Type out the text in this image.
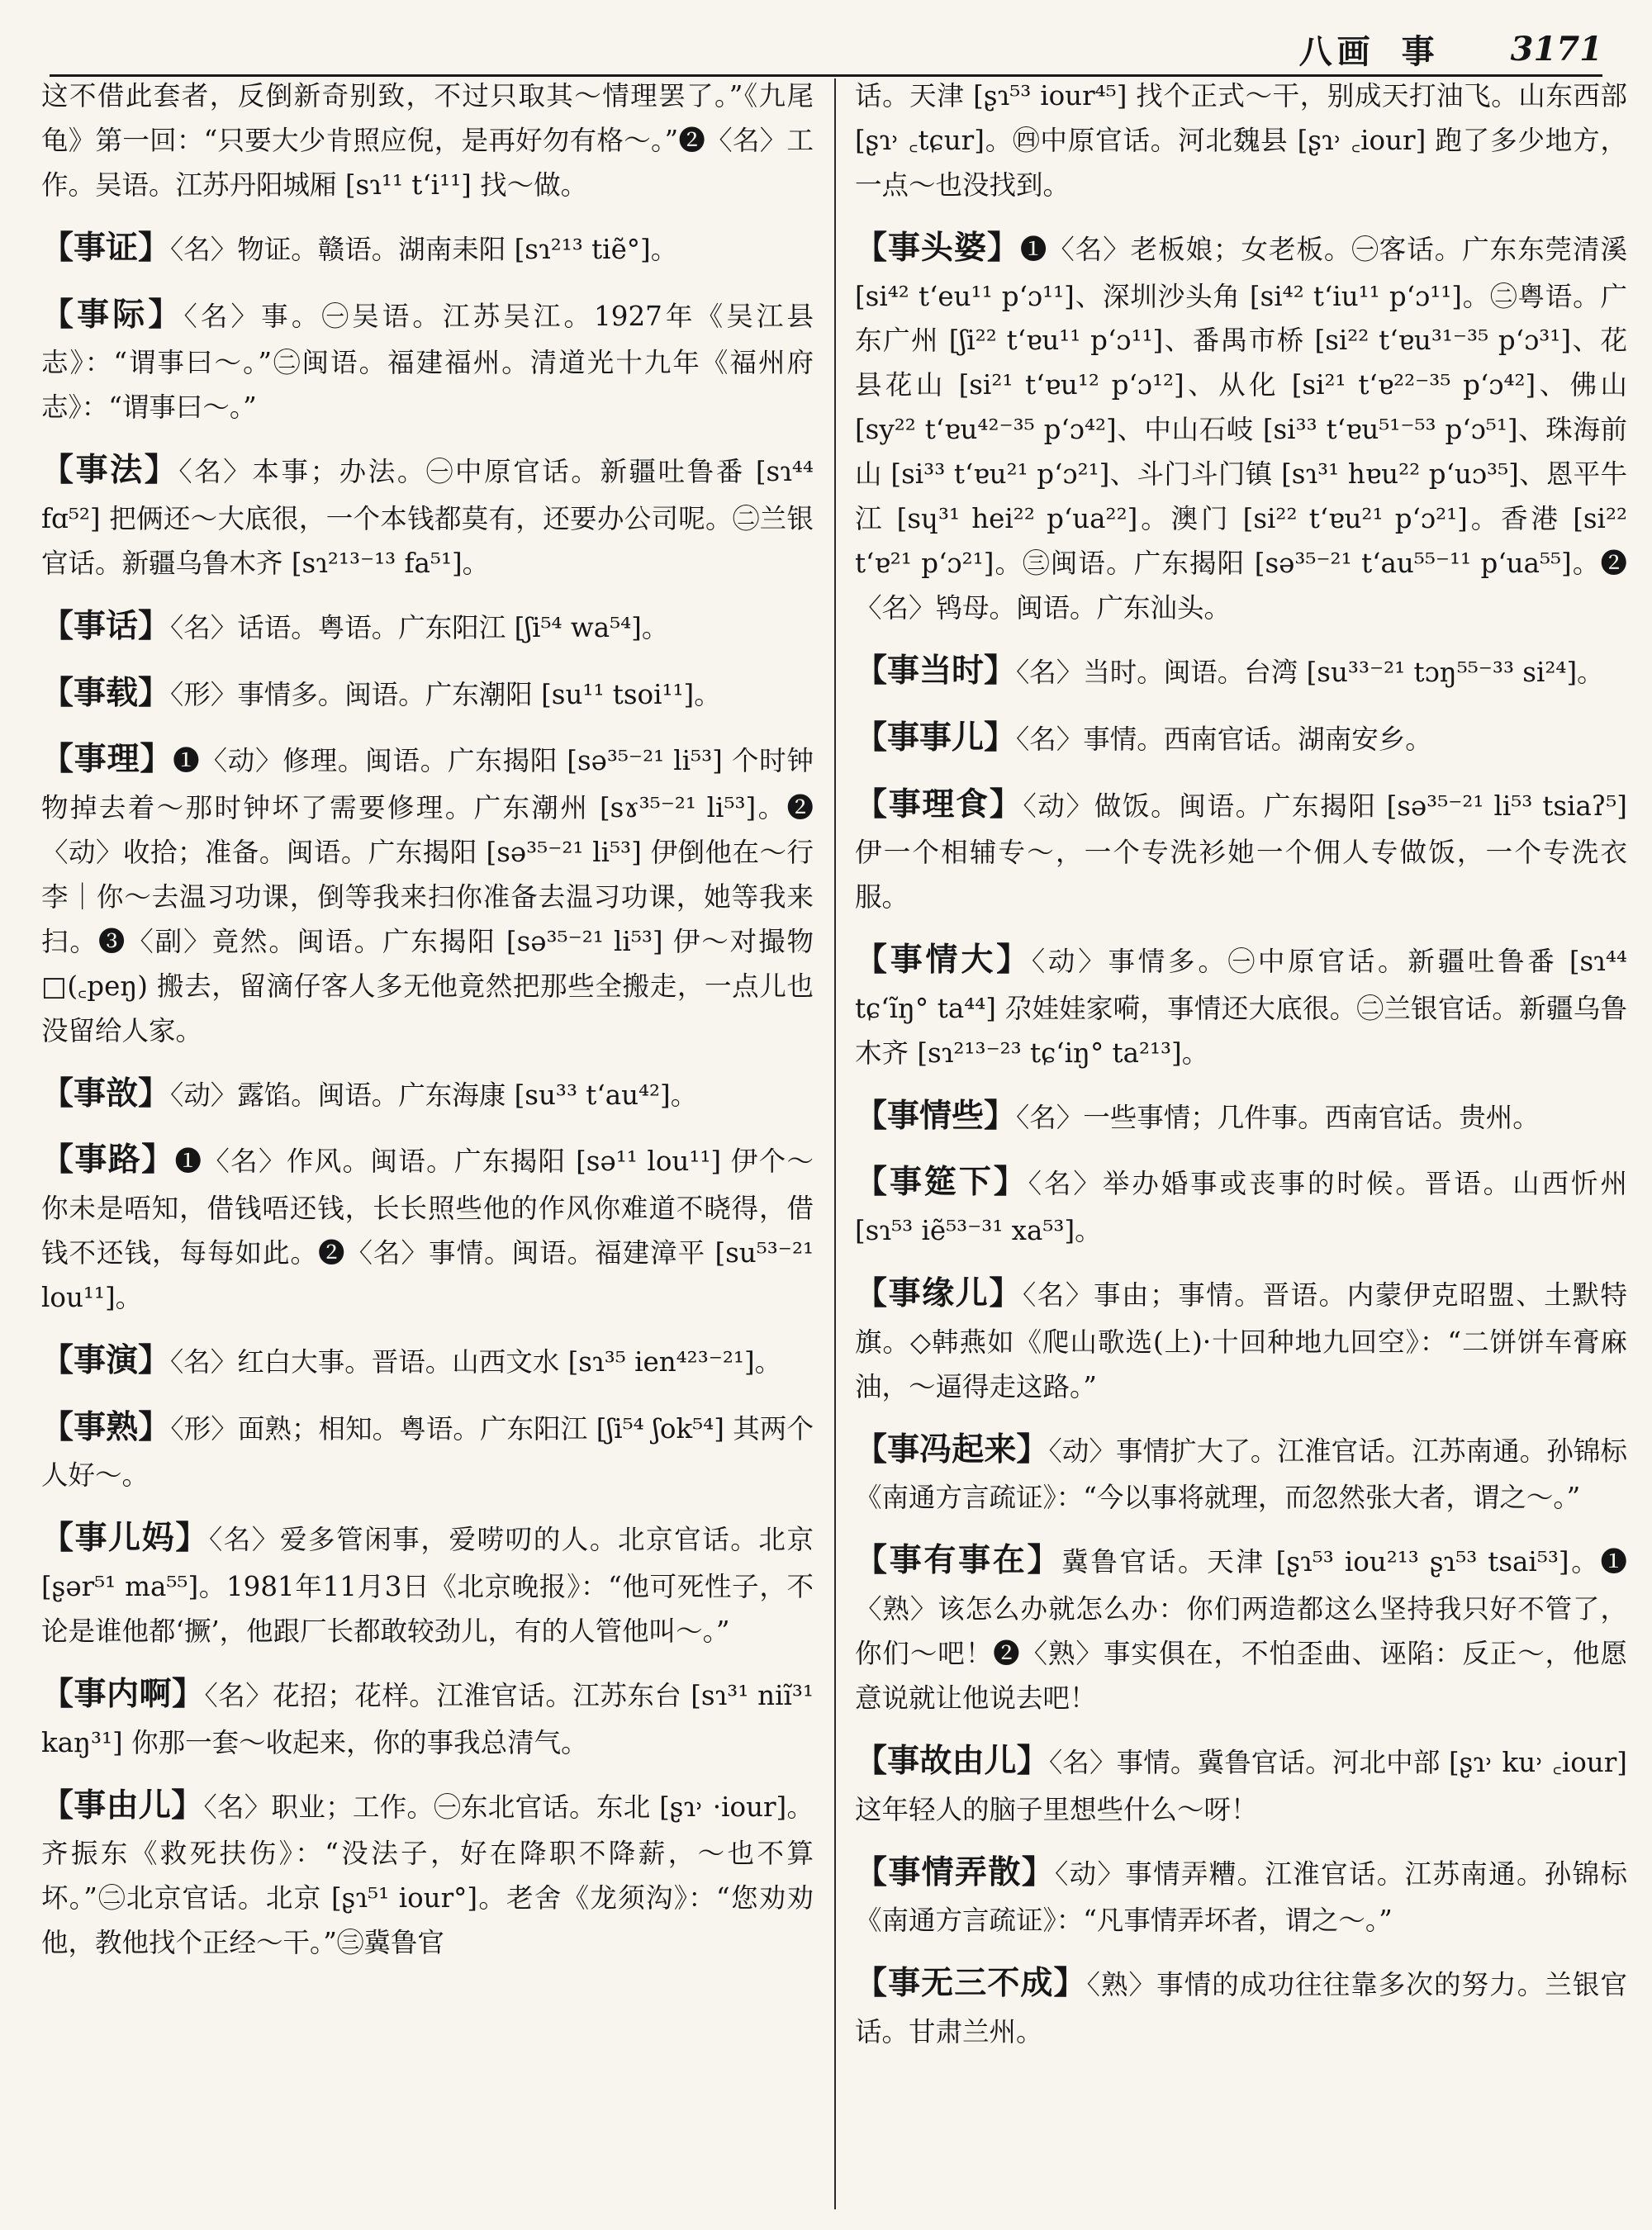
八画 事 3171

这不借此套者，反倒新奇别致，不过只取其～情理罢了。”《九尾龟》第一回：“只要大少肯照应倪，是再好勿有格～。”❷〈名〉工作。吴语。江苏丹阳城厢 [sɿ¹¹ t‘i¹¹] 找～做。

【 事证 】 〈名〉物证。赣语。湖南耒阳 [sɿ²¹³ tiẽ°]。

【 事际 】 〈名〉事。㊀吴语。江苏吴江。1927年《吴江县志》：“谓事曰～。”㊁闽语。福建福州。清道光十九年《福州府志》：“谓事曰～。”

【 事法 】 〈名〉本事；办法。㊀中原官话。新疆吐鲁番 [sɿ⁴⁴ fɑ⁵²] 把俩还～大底很，一个本钱都莫有，还要办公司呢。㊁兰银官话。新疆乌鲁木齐 [sɿ²¹³⁻¹³ fa⁵¹]。

【 事话 】 〈名〉话语。粤语。广东阳江 [ʃi⁵⁴ wa⁵⁴]。

【 事载 】 〈形〉事情多。闽语。广东潮阳 [su¹¹ tsoi¹¹]。

【 事理 】 ❶〈动〉修理。闽语。广东揭阳 [sə³⁵⁻²¹ li⁵³] 个时钟物掉去着～那时钟坏了需要修理。广东潮州 [sɤ³⁵⁻²¹ li⁵³]。❷〈动〉收拾；准备。闽语。广东揭阳 [sə³⁵⁻²¹ li⁵³] 伊倒他在～行李｜你～去温习功课，倒等我来扫你准备去温习功课，她等我来扫。❸〈副〉竟然。闽语。广东揭阳 [sə³⁵⁻²¹ li⁵³] 伊～对撮物□(꜀peŋ) 搬去，留滴仔客人多无他竟然把那些全搬走，一点儿也没留给人家。

【 事敨 】 〈动〉露馅。闽语。广东海康 [su³³ t‘au⁴²]。

【 事路 】 ❶〈名〉作风。闽语。广东揭阳 [sə¹¹ lou¹¹] 伊个～你未是唔知，借钱唔还钱，长长照些他的作风你难道不晓得，借钱不还钱，每每如此。❷〈名〉事情。闽语。福建漳平 [su⁵³⁻²¹ lou¹¹]。

【 事演 】 〈名〉红白大事。晋语。山西文水 [sɿ³⁵ ien⁴²³⁻²¹]。

【 事熟 】 〈形〉面熟；相知。粤语。广东阳江 [ʃi⁵⁴ ʃok⁵⁴] 其两个人好～。

【 事儿妈 】 〈名〉爱多管闲事，爱唠叨的人。北京官话。北京 [ʂər⁵¹ ma⁵⁵]。1981年11月3日《北京晚报》：“他可死性子，不论是谁他都‘撅’，他跟厂长都敢较劲儿，有的人管他叫～。”

【 事内啊 】 〈名〉花招；花样。江淮官话。江苏东台 [sɿ³¹ niĩ³¹ kaŋ³¹] 你那一套～收起来，你的事我总清气。

【 事由儿 】 〈名〉职业；工作。㊀东北官话。东北 [ʂɿ˒ ·iour]。齐振东《救死扶伤》：“没法子，好在降职不降薪，～也不算坏。”㊁北京官话。北京 [ʂɿ⁵¹ iour°]。老舍《龙须沟》：“您劝劝他，教他找个正经～干。”㊂冀鲁官

话。天津 [ʂɿ⁵³ iour⁴⁵] 找个正式～干，别成天打油飞。山东西部 [ʂɿ˒ ꜀tɕur]。㊃中原官话。河北魏县 [ʂɿ˒ ꜀iour] 跑了多少地方，一点～也没找到。

【 事头婆 】 ❶〈名〉老板娘；女老板。㊀客话。广东东莞清溪 [si⁴² t‘eu¹¹ p‘ɔ¹¹]、深圳沙头角 [si⁴² t‘iu¹¹ p‘ɔ¹¹]。㊁粤语。广东广州 [ʃi²² t‘ɐu¹¹ p‘ɔ¹¹]、番禺市桥 [si²² t‘ɐu³¹⁻³⁵ p‘ɔ³¹]、花县花山 [si²¹ t‘ɐu¹² p‘ɔ¹²]、从化 [si²¹ t‘ɐ²²⁻³⁵ p‘ɔ⁴²]、佛山 [sy²² t‘ɐu⁴²⁻³⁵ p‘ɔ⁴²]、中山石岐 [si³³ t‘ɐu⁵¹⁻⁵³ p‘ɔ⁵¹]、珠海前山 [si³³ t‘ɐu²¹ p‘ɔ²¹]、斗门斗门镇 [sɿ³¹ hɐu²² p‘uɔ³⁵]、恩平牛江 [sɥ³¹ hei²² p‘ua²²]。澳门 [si²² t‘ɐu²¹ p‘ɔ²¹]。香港 [si²² t‘ɐ²¹ p‘ɔ²¹]。㊂闽语。广东揭阳 [sə³⁵⁻²¹ t‘au⁵⁵⁻¹¹ p‘ua⁵⁵]。❷〈名〉鸨母。闽语。广东汕头。

【 事当时 】 〈名〉当时。闽语。台湾 [su³³⁻²¹ tɔŋ⁵⁵⁻³³ si²⁴]。

【 事事儿 】 〈名〉事情。西南官话。湖南安乡。

【 事理食 】 〈动〉做饭。闽语。广东揭阳 [sə³⁵⁻²¹ li⁵³ tsiaʔ⁵] 伊一个相辅专～，一个专洗衫她一个佣人专做饭，一个专洗衣服。

【 事情大 】 〈动〉事情多。㊀中原官话。新疆吐鲁番 [sɿ⁴⁴ tɕ‘ĩŋ° ta⁴⁴] 尕娃娃家嗬，事情还大底很。㊁兰银官话。新疆乌鲁木齐 [sɿ²¹³⁻²³ tɕ‘iŋ° ta²¹³]。

【 事情些 】 〈名〉一些事情；几件事。西南官话。贵州。

【 事筵下 】 〈名〉举办婚事或丧事的时候。晋语。山西忻州 [sɿ⁵³ iẽ⁵³⁻³¹ xa⁵³]。

【 事缘儿 】 〈名〉事由；事情。晋语。内蒙伊克昭盟、土默特旗。◇韩燕如《爬山歌选(上)·十回种地九回空》：“二饼饼车膏麻油，～逼得走这路。”

【 事冯起来 】 〈动〉事情扩大了。江淮官话。江苏南通。孙锦标《南通方言疏证》：“今以事将就理，而忽然张大者，谓之～。”

【 事有事在 】 冀鲁官话。天津 [ʂɿ⁵³ iou²¹³ ʂɿ⁵³ tsai⁵³]。❶〈熟〉该怎么办就怎么办：你们两造都这么坚持我只好不管了，你们～吧！❷〈熟〉事实俱在，不怕歪曲、诬陷：反正～，他愿意说就让他说去吧！

【 事故由儿 】 〈名〉事情。冀鲁官话。河北中部 [ʂɿ˒ ku˒ ꜀iour] 这年轻人的脑子里想些什么～呀！

【 事情弄散 】 〈动〉事情弄糟。江淮官话。江苏南通。孙锦标《南通方言疏证》：“凡事情弄坏者，谓之～。”

【 事无三不成 】 〈熟〉事情的成功往往靠多次的努力。兰银官话。甘肃兰州。
